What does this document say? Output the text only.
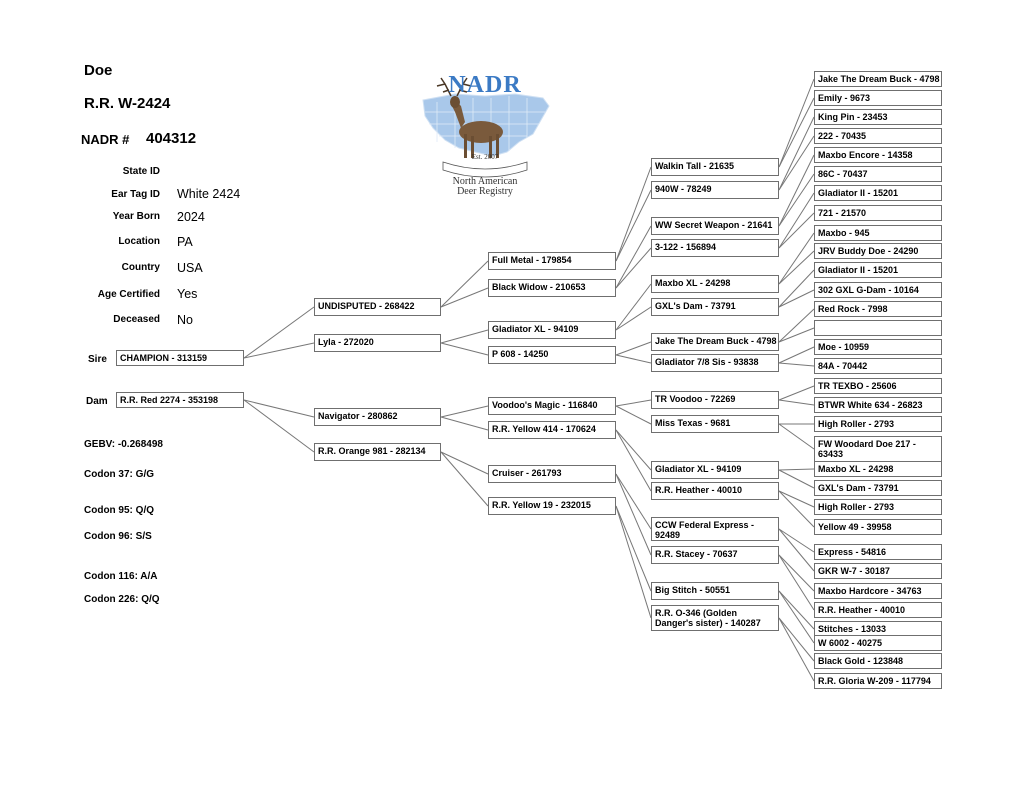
Doe
R.R. W-2424
NADR # 404312
NADR
Est. 2007
North American
Deer Registry
State ID
Ear Tag ID White 2424
Year Born 2024
Location PA
Country USA
Age Certified Yes
Deceased No
Sire
Dam
GEBV: -0.268498
Codon 37: G/G
Codon 95: Q/Q
Codon 96: S/S
Codon 116: A/A
Codon 226: Q/Q
CHAMPION - 313159
R.R. Red 2274 - 353198
UNDISPUTED - 268422
Lyla - 272020
Navigator - 280862
R.R. Orange 981 - 282134
Full Metal - 179854
Black Widow - 210653
Gladiator XL - 94109
P 608 - 14250
Voodoo's Magic - 116840
R.R. Yellow 414 - 170624
Cruiser - 261793
R.R. Yellow 19 - 232015
Walkin Tall - 21635
940W - 78249
WW Secret Weapon - 21641
3-122 - 156894
Maxbo XL - 24298
GXL's Dam - 73791
Jake The Dream Buck - 4798
Gladiator 7/8 Sis - 93838
TR Voodoo - 72269
Miss Texas - 9681
Gladiator XL - 94109
R.R. Heather - 40010
CCW Federal Express - 92489
R.R. Stacey - 70637
Big Stitch - 50551
R.R. O-346 (Golden Danger's sister) - 140287
Jake The Dream Buck - 4798
Emily - 9673
King Pin - 23453
222 - 70435
Maxbo Encore - 14358
86C - 70437
Gladiator II - 15201
721 - 21570
Maxbo - 945
JRV Buddy Doe - 24290
Gladiator II - 15201
302 GXL G-Dam - 10164
Red Rock - 7998
Moe - 10959
84A - 70442
TR TEXBO - 25606
BTWR White 634 - 26823
High Roller - 2793
FW Woodard Doe 217 - 63433
Maxbo XL - 24298
GXL's Dam - 73791
High Roller - 2793
Yellow 49 - 39958
Express - 54816
GKR W-7 - 30187
Maxbo Hardcore - 34763
R.R. Heather - 40010
Stitches - 13033
W 6002 - 40275
Black Gold - 123848
R.R. Gloria W-209 - 117794
